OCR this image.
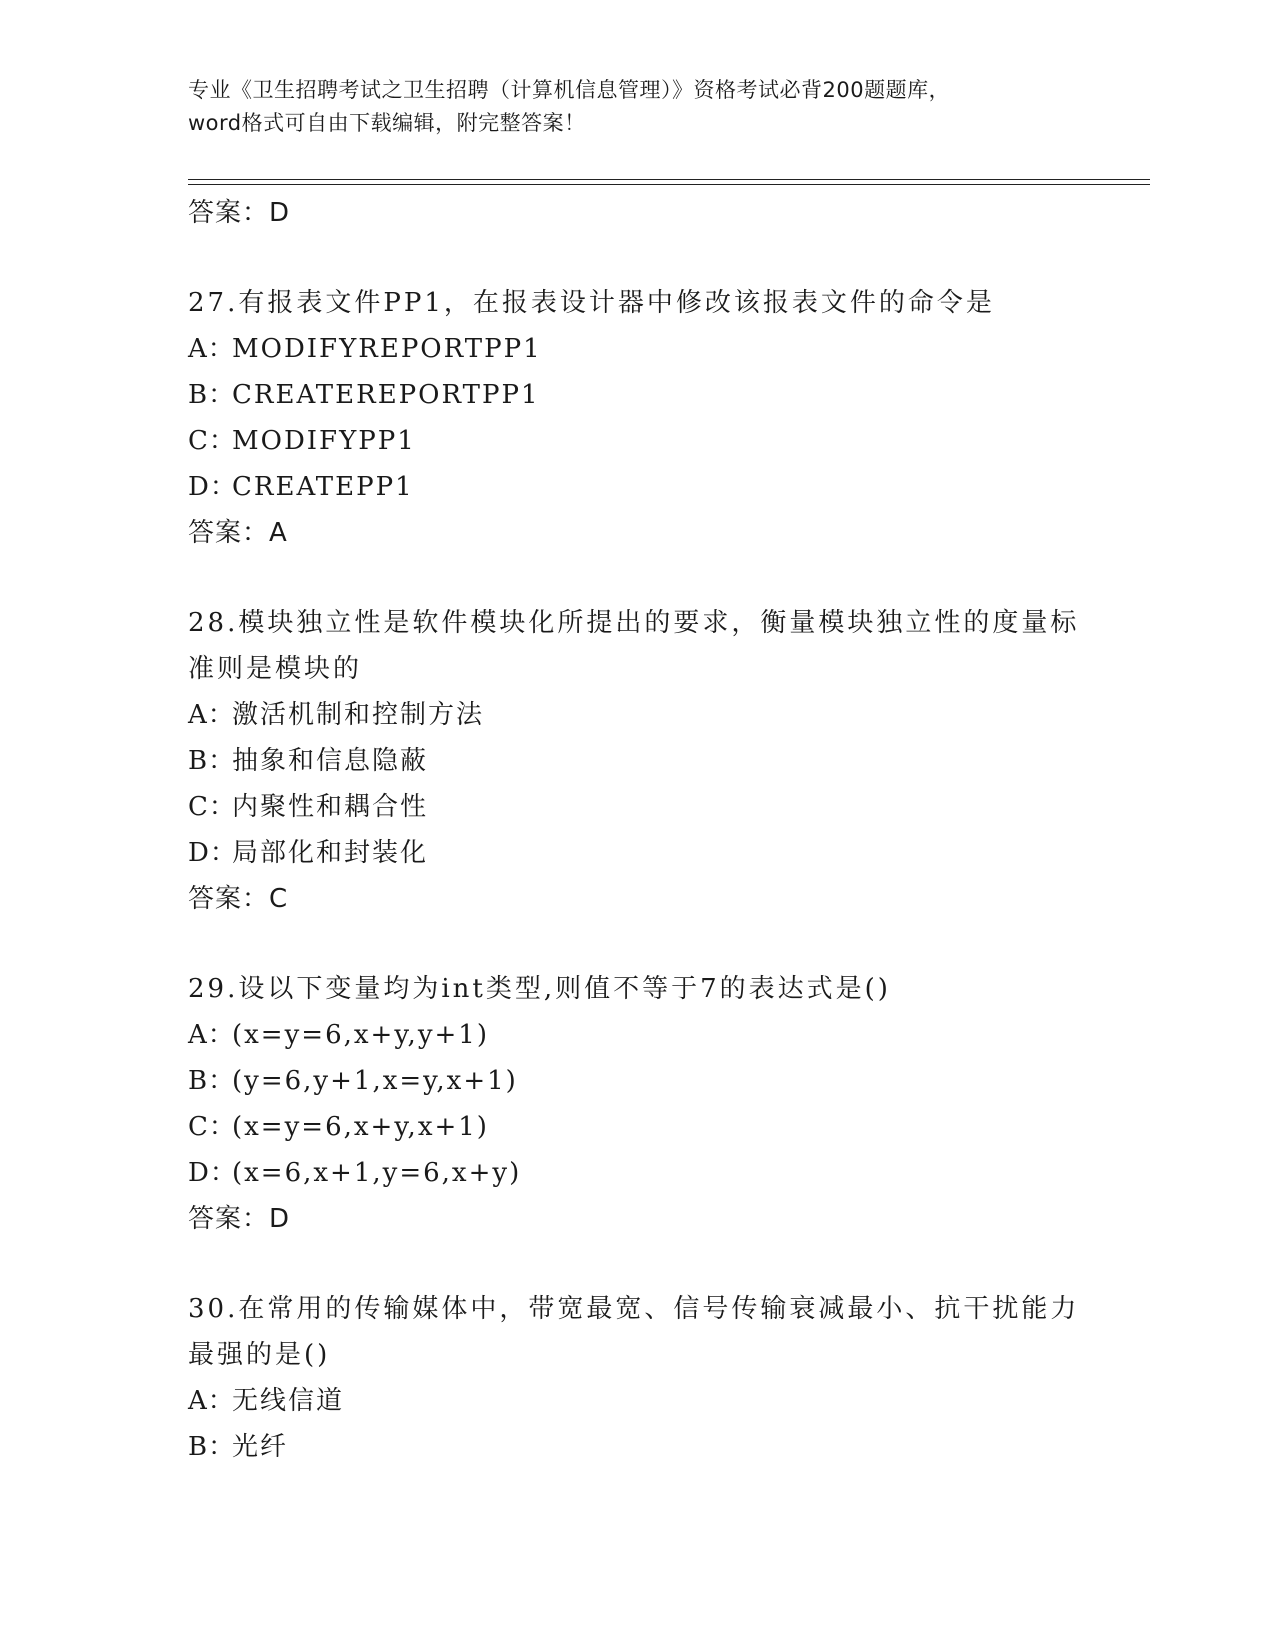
专业《卫生招聘考试之卫生招聘（计算机信息管理）》资格考试必背200题题库，
word格式可自由下载编辑，附完整答案！
答案：D
27.有报表文件PP1，在报表设计器中修改该报表文件的命令是
A：MODIFYREPORTPP1
B：CREATEREPORTPP1
C：MODIFYPP1
D：CREATEPP1
答案：A
28.模块独立性是软件模块化所提出的要求，衡量模块独立性的度量标
准则是模块的
A：激活机制和控制方法
B：抽象和信息隐蔽
C：内聚性和耦合性
D：局部化和封装化
答案：C
29.设以下变量均为int类型,则值不等于7的表达式是()
A：(x=y=6,x+y,y+1)
B：(y=6,y+1,x=y,x+1)
C：(x=y=6,x+y,x+1)
D：(x=6,x+1,y=6,x+y)
答案：D
30.在常用的传输媒体中，带宽最宽、信号传输衰减最小、抗干扰能力
最强的是()
A：无线信道
B：光纤
